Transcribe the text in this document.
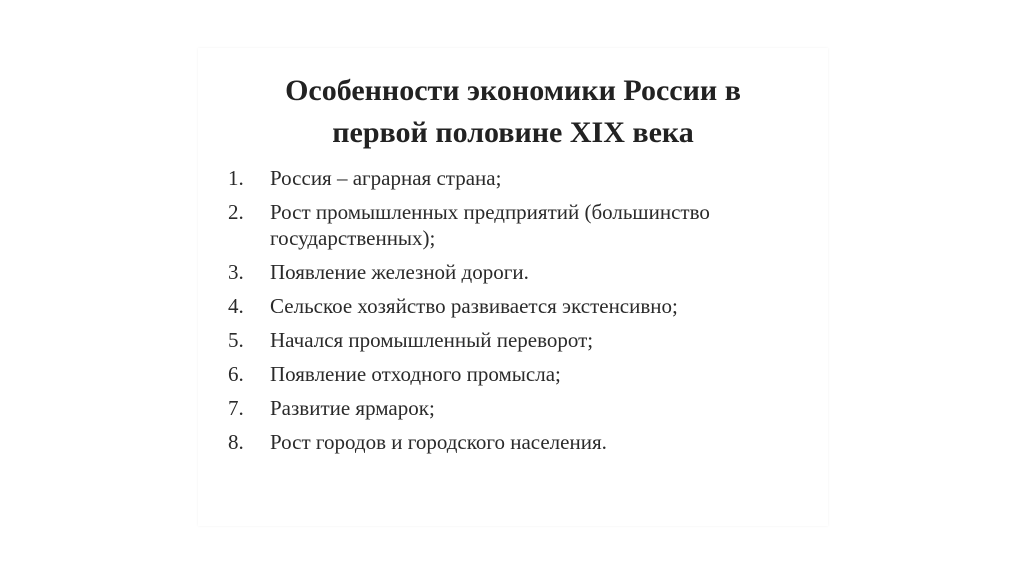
Особенности экономики России в
первой половине XIX века
1.	Россия – аграрная страна;
2.	Рост промышленных предприятий (большинство государственных);
3.	Появление железной дороги.
4.	Сельское хозяйство развивается экстенсивно;
5.	Начался промышленный переворот;
6.	Появление отходного промысла;
7.	Развитие ярмарок;
8.	Рост городов и городского населения.
